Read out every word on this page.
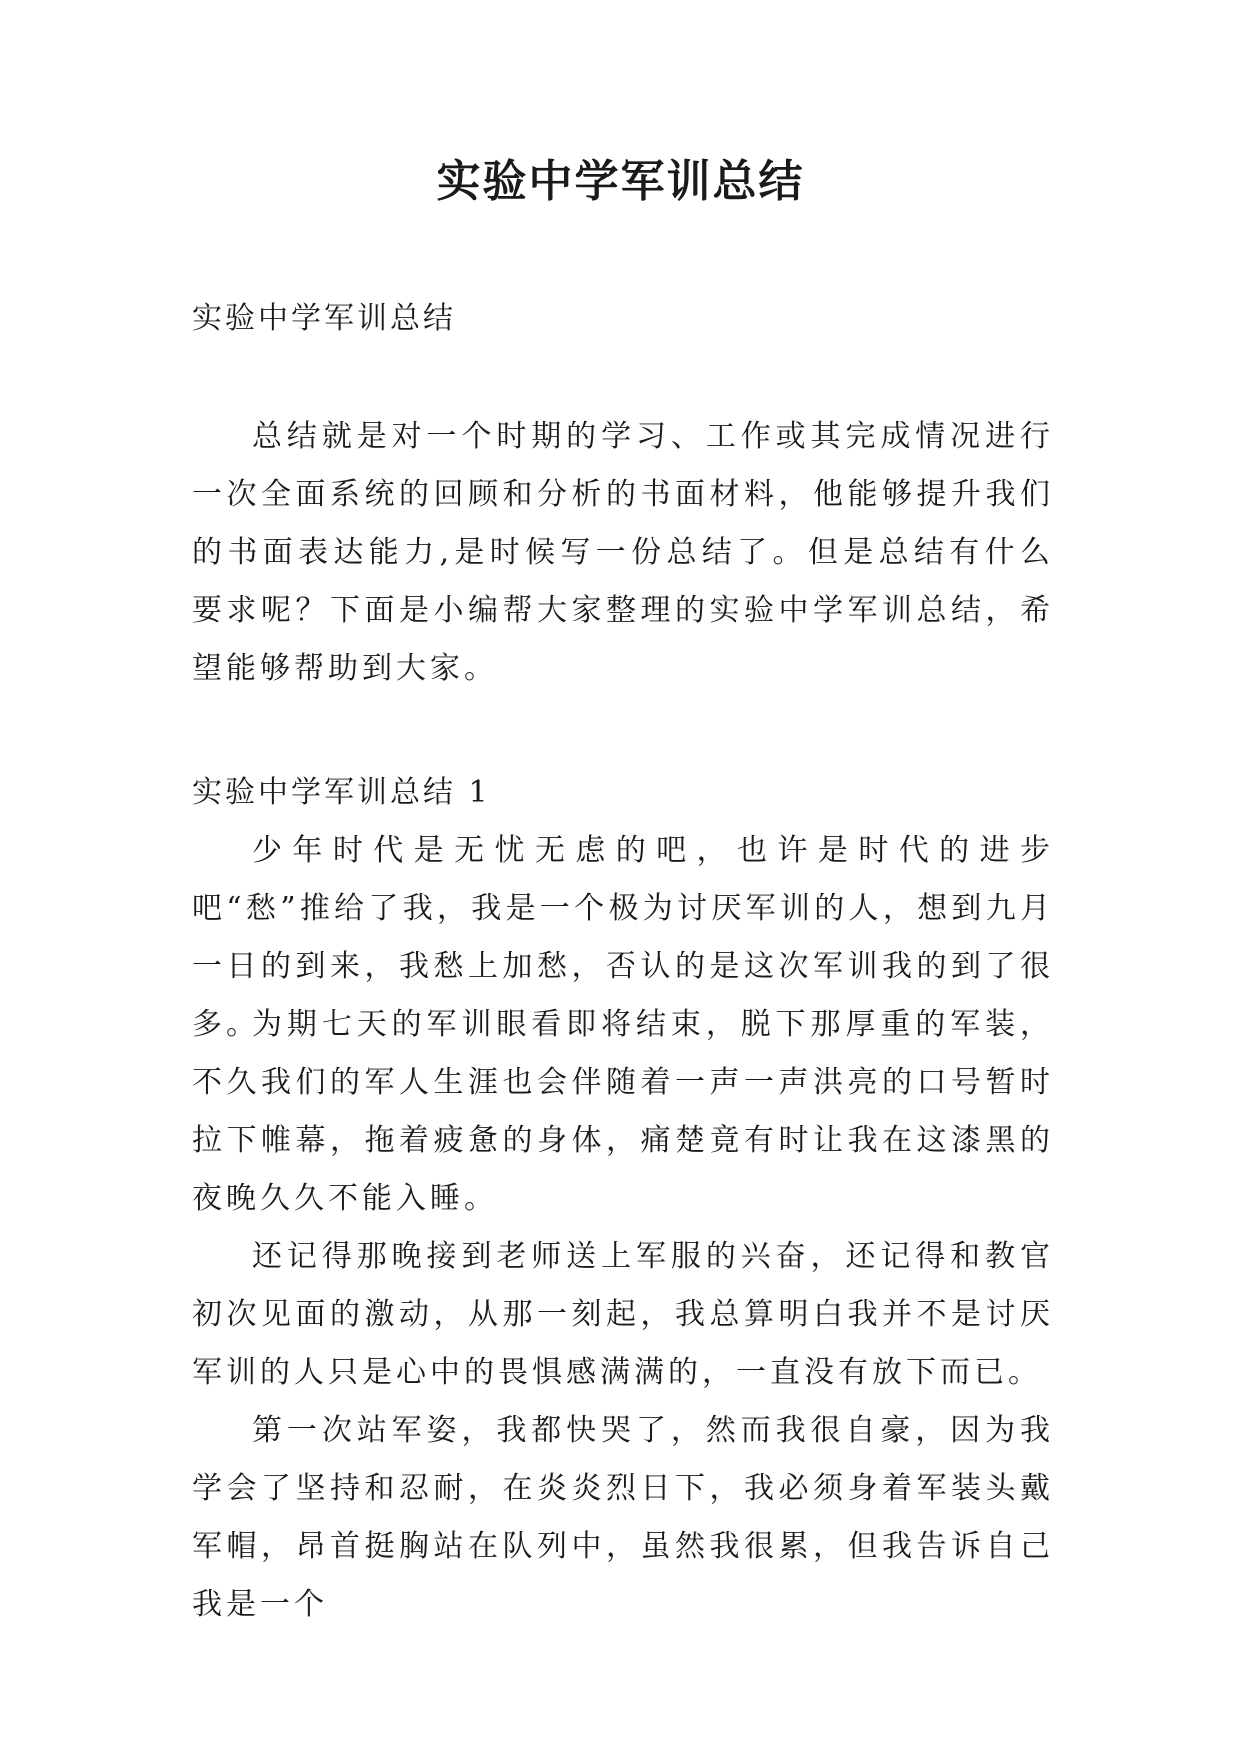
实验中学军训总结

实验中学军训总结

总结就是对一个时期的学习、工作或其完成情况进行一次全面系统的回顾和分析的书面材料，他能够提升我们的书面表达能力,是时候写一份总结了。但是总结有什么要求呢？下面是小编帮大家整理的实验中学军训总结，希望能够帮助到大家。

实验中学军训总结 1

少年时代是无忧无虑的吧，也许是时代的进步吧“愁”推给了我，我是一个极为讨厌军训的人，想到九月一日的到来，我愁上加愁，否认的是这次军训我的到了很多。

为期七天的军训眼看即将结束，脱下那厚重的军装，不久我们的军人生涯也会伴随着一声一声洪亮的口号暂时拉下帷幕，拖着疲惫的身体，痛楚竟有时让我在这漆黑的夜晚久久不能入睡。

还记得那晚接到老师送上军服的兴奋，还记得和教官初次见面的激动，从那一刻起，我总算明白我并不是讨厌军训的人只是心中的畏惧感满满的，一直没有放下而已。

第一次站军姿，我都快哭了，然而我很自豪，因为我学会了坚持和忍耐，在炎炎烈日下，我必须身着军装头戴军帽，昂首挺胸站在队列中，虽然我很累，但我告诉自己我是一个
